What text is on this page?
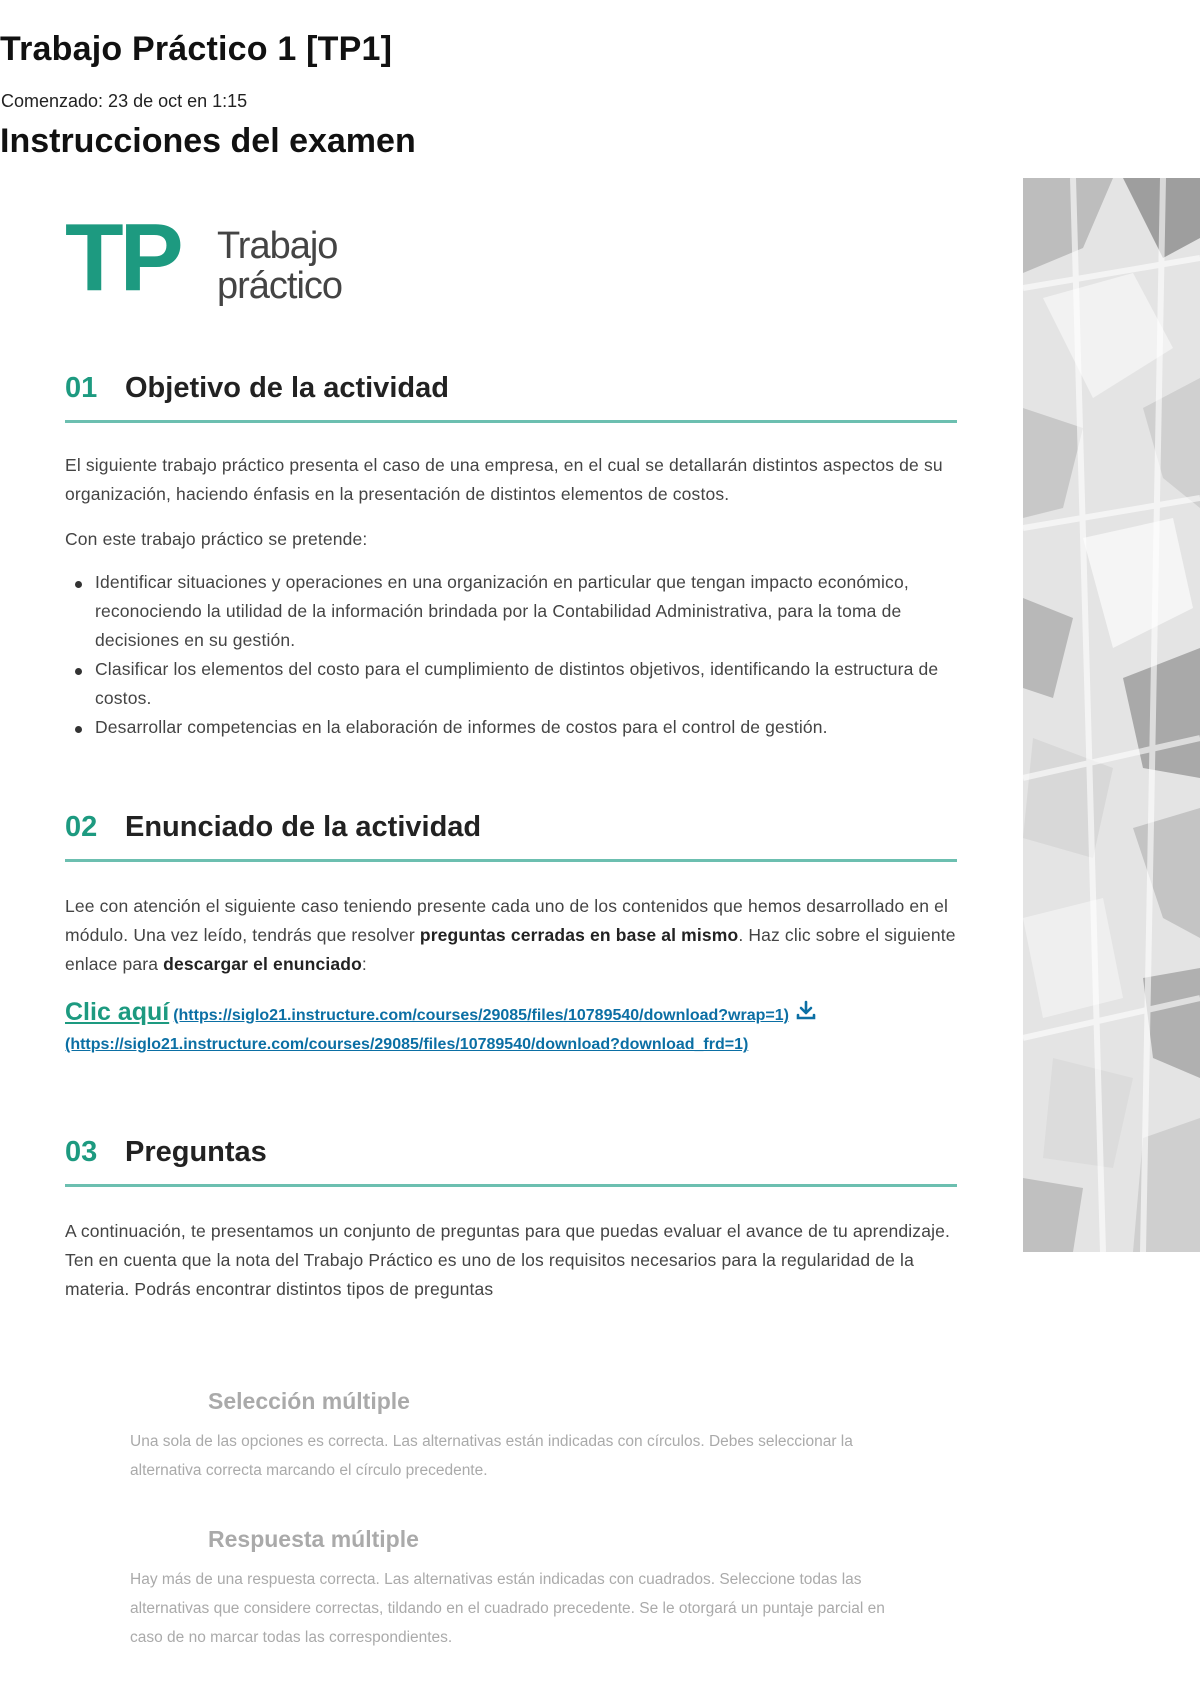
Trabajo Práctico 1 [TP1]
Comenzado: 23 de oct en 1:15
Instrucciones del examen
TP Trabajo
práctico
01 Objetivo de la actividad

El siguiente trabajo práctico presenta el caso de una empresa, en el cual se detallarán distintos aspectos de su organización, haciendo énfasis en la presentación de distintos elementos de costos.

Con este trabajo práctico se pretende:

Identificar situaciones y operaciones en una organización en particular que tengan impacto económico, reconociendo la utilidad de la información brindada por la Contabilidad Administrativa, para la toma de decisiones en su gestión.
Clasificar los elementos del costo para el cumplimiento de distintos objetivos, identificando la estructura de costos.
Desarrollar competencias en la elaboración de informes de costos para el control de gestión.
02 Enunciado de la actividad

Lee con atención el siguiente caso teniendo presente cada uno de los contenidos que hemos desarrollado en el módulo. Una vez leído, tendrás que resolver preguntas cerradas en base al mismo. Haz clic sobre el siguiente enlace para descargar el enunciado:

Clic aquí (https://siglo21.instructure.com/courses/29085/files/10789540/download?wrap=1)
(https://siglo21.instructure.com/courses/29085/files/10789540/download?download_frd=1)
03 Preguntas

A continuación, te presentamos un conjunto de preguntas para que puedas evaluar el avance de tu aprendizaje. Ten en cuenta que la nota del Trabajo Práctico es uno de los requisitos necesarios para la regularidad de la materia. Podrás encontrar distintos tipos de preguntas

Selección múltiple

Una sola de las opciones es correcta. Las alternativas están indicadas con círculos. Debes seleccionar la alternativa correcta marcando el círculo precedente.

Respuesta múltiple

Hay más de una respuesta correcta. Las alternativas están indicadas con cuadrados. Seleccione todas las alternativas que considere correctas, tildando en el cuadrado precedente. Se le otorgará un puntaje parcial en caso de no marcar todas las correspondientes.
